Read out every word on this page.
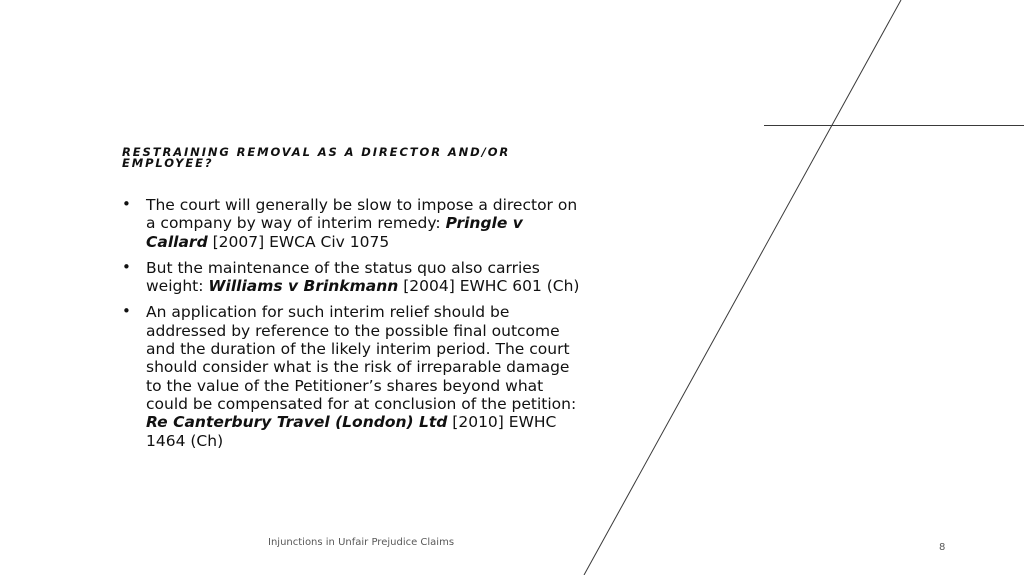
RESTRAINING REMOVAL AS A DIRECTOR AND/OR EMPLOYEE?
• The court will generally be slow to impose a director on a company by way of interim remedy: Pringle v Callard [2007] EWCA Civ 1075
• But the maintenance of the status quo also carries weight: Williams v Brinkmann [2004] EWHC 601 (Ch)
• An application for such interim relief should be addressed by reference to the possible final outcome and the duration of the likely interim period. The court should consider what is the risk of irreparable damage to the value of the Petitioner’s shares beyond what could be compensated for at conclusion of the petition: Re Canterbury Travel (London) Ltd [2010] EWHC 1464 (Ch)
Injunctions in Unfair Prejudice Claims	8
